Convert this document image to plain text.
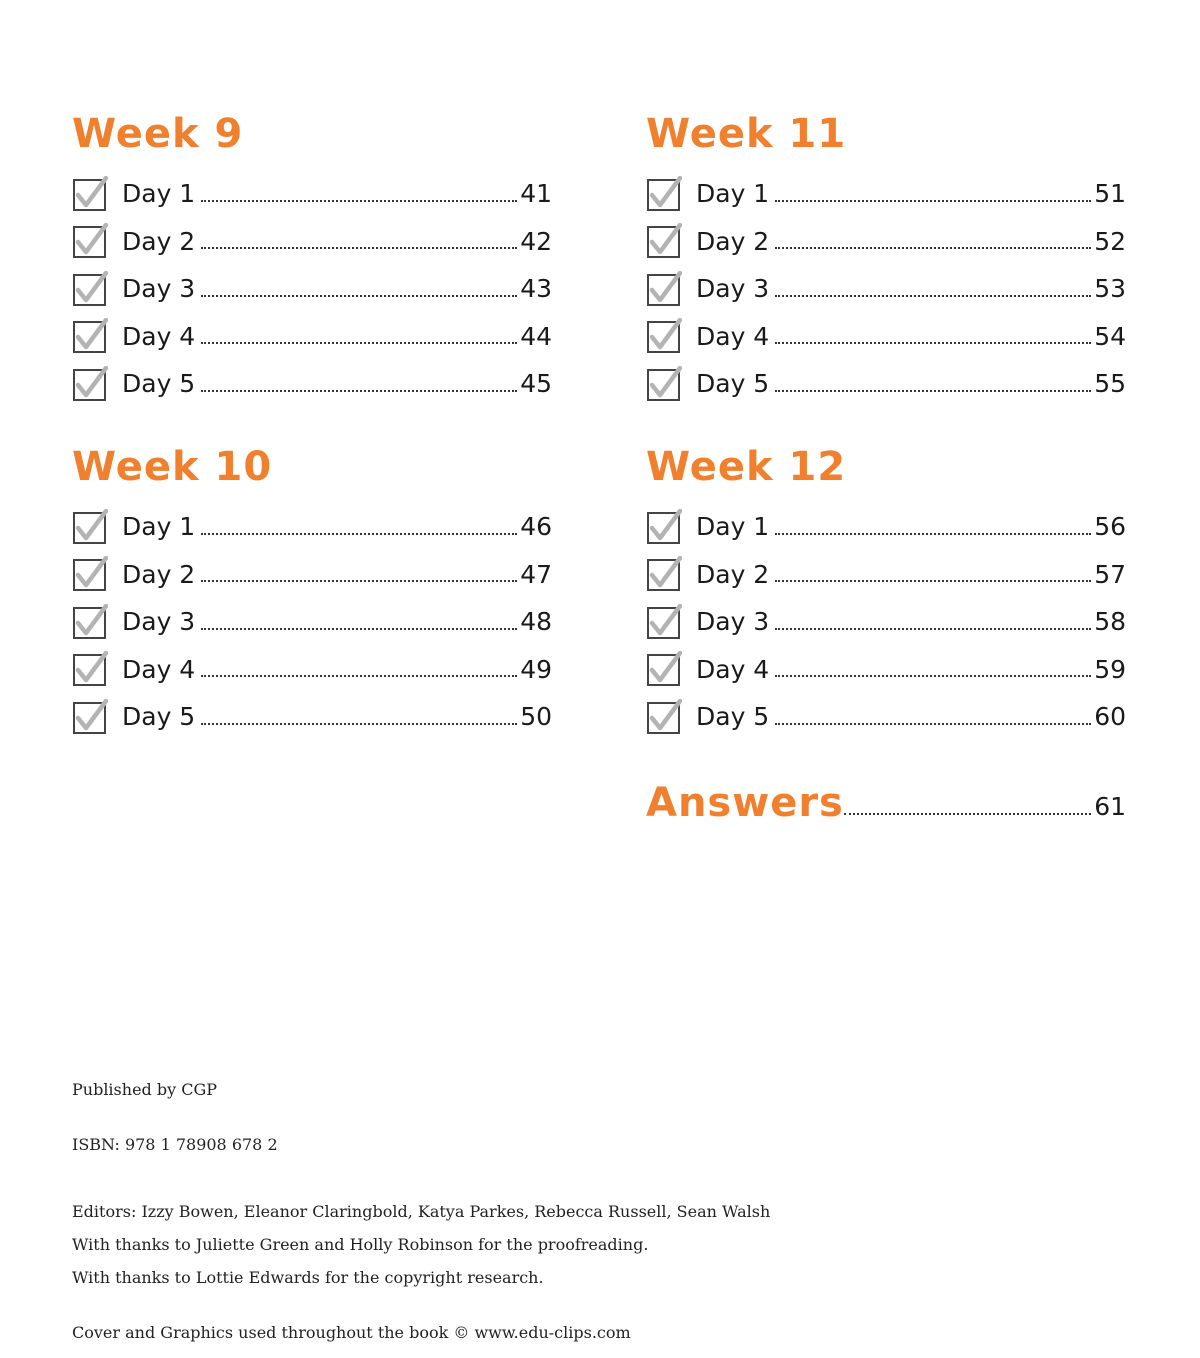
Week 9
Day 1	41
Day 2	42
Day 3	43
Day 4	44
Day 5	45
Week 10
Day 1	46
Day 2	47
Day 3	48
Day 4	49
Day 5	50
Week 11
Day 1	51
Day 2	52
Day 3	53
Day 4	54
Day 5	55
Week 12
Day 1	56
Day 2	57
Day 3	58
Day 4	59
Day 5	60
Answers	61
Published by CGP
ISBN: 978 1 78908 678 2
Editors: Izzy Bowen, Eleanor Claringbold, Katya Parkes, Rebecca Russell, Sean Walsh
With thanks to Juliette Green and Holly Robinson for the proofreading.
With thanks to Lottie Edwards for the copyright research.
Cover and Graphics used throughout the book © www.edu-clips.com
